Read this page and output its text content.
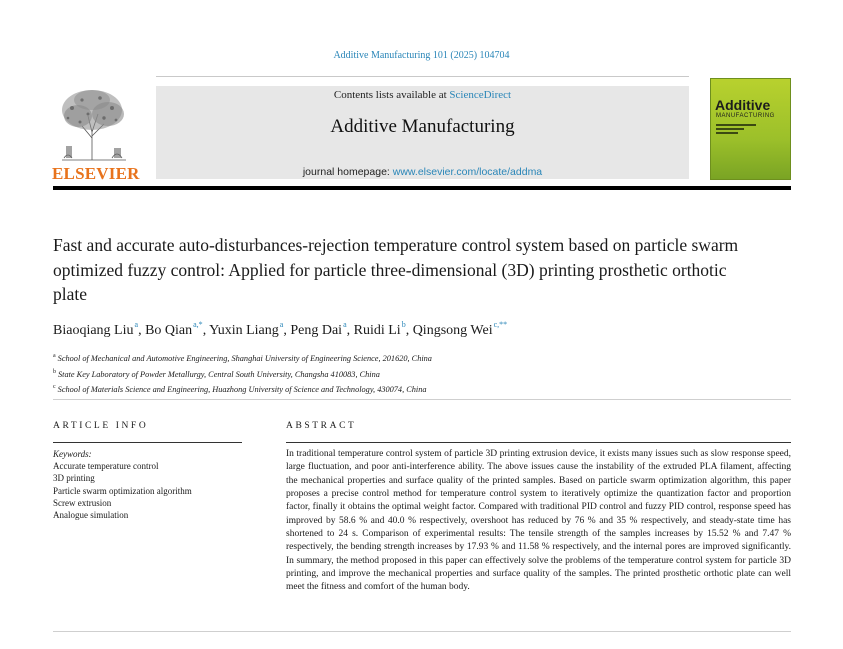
Additive Manufacturing 101 (2025) 104704
ELSEVIER
Contents lists available at ScienceDirect
Additive Manufacturing
journal homepage: www.elsevier.com/locate/addma
Additive
MANUFACTURING
Fast and accurate auto-disturbances-rejection temperature control system based on particle swarm optimized fuzzy control: Applied for particle three-dimensional (3D) printing prosthetic orthotic plate
Biaoqiang Liu$^a$, Bo Qian$^{a,*}$, Yuxin Liang$^a$, Peng Dai$^a$, Ruidi Li$^b$, Qingsong Wei$^{c,**}$
$^a$ School of Mechanical and Automotive Engineering, Shanghai University of Engineering Science, 201620, China
$^b$ State Key Laboratory of Powder Metallurgy, Central South University, Changsha 410083, China
$^c$ School of Materials Science and Engineering, Huazhong University of Science and Technology, 430074, China
ARTICLE INFO
Keywords:
Accurate temperature control
3D printing
Particle swarm optimization algorithm
Screw extrusion
Analogue simulation
ABSTRACT
In traditional temperature control system of particle 3D printing extrusion device, it exists many issues such as slow response speed, large fluctuation, and poor anti-interference ability. The above issues cause the instability of the extruded PLA filament, affecting the mechanical properties and surface quality of the printed samples. Based on particle swarm optimization algorithm, this paper proposes a precise control method for temperature control system to iteratively optimize the quantization factor and proportion factor, finally it obtains the optimal weight factor. Compared with traditional PID control and fuzzy PID control, response speed has improved by 58.6 % and 40.0 % respectively, overshoot has reduced by 76 % and 35 % respectively, and steady-state time has shortened to 24 s. Comparison of experimental results: The tensile strength of the samples increases by 15.52 % and 7.47 % respectively, the bending strength increases by 17.93 % and 11.58 % respectively, and the internal pores are improved significantly. In summary, the method proposed in this paper can effectively solve the problems of the temperature control system for particle 3D printing, and improve the mechanical properties and surface quality of the samples. The printed prosthetic orthotic plate can well meet the fitness and comfort of the human body.
